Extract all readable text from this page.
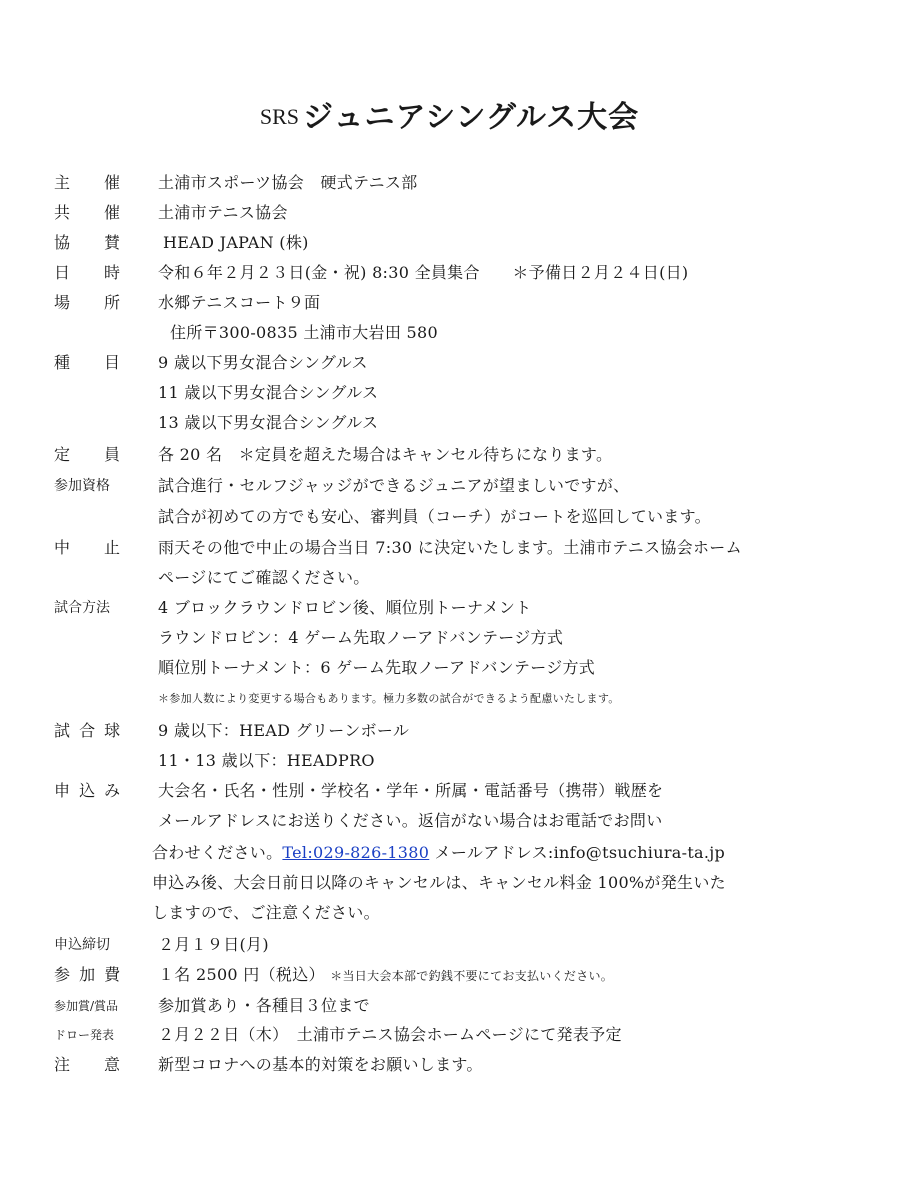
SRS ジュニアシングルス大会
主 催 土浦市スポーツ協会　硬式テニス部
共 催 土浦市テニス協会
協 賛	HEAD JAPAN (株)
日 時 令和６年２月２３日(金・祝) 8:30 全員集合　　＊予備日２月２４日(日)
場 所 水郷テニスコート９面
住所〒300-0835 土浦市大岩田 580
種 目 9 歳以下男女混合シングルス
11 歳以下男女混合シングルス
13 歳以下男女混合シングルス
定 員 各 20 名　＊定員を超えた場合はキャンセル待ちになります。
参加資格	試合進行・セルフジャッジができるジュニアが望ましいですが、
試合が初めての方でも安心、審判員（コーチ）がコートを巡回しています。
中 止 雨天その他で中止の場合当日 7:30 に決定いたします。土浦市テニス協会ホーム
ページにてご確認ください。
試合方法	4 ブロックラウンドロビン後、順位別トーナメント
ラウンドロビン：4 ゲーム先取ノーアドバンテージ方式
順位別トーナメント：6 ゲーム先取ノーアドバンテージ方式
＊参加人数により変更する場合もあります。極力多数の試合ができるよう配慮いたします。
試 合 球 9 歳以下：HEAD グリーンボール
11・13 歳以下：HEADPRO
申 込 み 大会名・氏名・性別・学校名・学年・所属・電話番号（携帯）戦歴を
メールアドレスにお送りください。返信がない場合はお電話でお問い
合わせください。Tel:029-826-1380 メールアドレス:info@tsuchiura-ta.jp
申込み後、大会日前日以降のキャンセルは、キャンセル料金 100%が発生いた
しますので、ご注意ください。
申込締切	２月１９日(月)
参 加 費 １名 2500 円（税込） ＊当日大会本部で釣銭不要にてお支払いください。
参加賞/賞品 参加賞あり・各種目３位まで
ドロー発表	２月２２日（木）　土浦市テニス協会ホームページにて発表予定
注 意 新型コロナへの基本的対策をお願いします。
